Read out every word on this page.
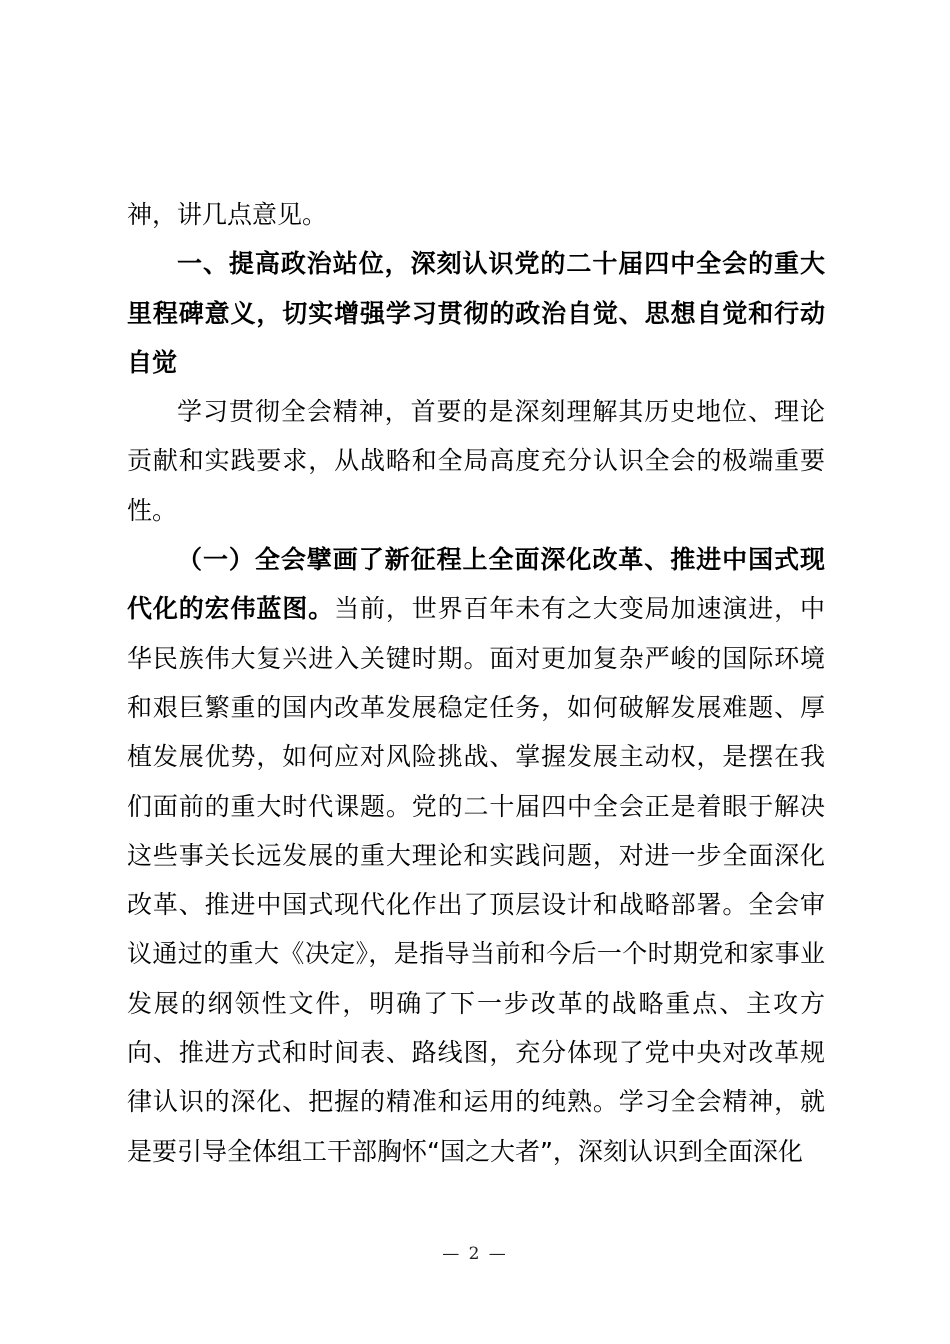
神，讲几点意见。

一、提高政治站位，深刻认识党的二十届四中全会的重大里程碑意义，切实增强学习贯彻的政治自觉、思想自觉和行动自觉

学习贯彻全会精神，首要的是深刻理解其历史地位、理论贡献和实践要求，从战略和全局高度充分认识全会的极端重要性。

（一）全会擘画了新征程上全面深化改革、推进中国式现代化的宏伟蓝图。当前，世界百年未有之大变局加速演进，中华民族伟大复兴进入关键时期。面对更加复杂严峻的国际环境和艰巨繁重的国内改革发展稳定任务，如何破解发展难题、厚植发展优势，如何应对风险挑战、掌握发展主动权，是摆在我们面前的重大时代课题。党的二十届四中全会正是着眼于解决这些事关长远发展的重大理论和实践问题，对进一步全面深化改革、推进中国式现代化作出了顶层设计和战略部署。全会审议通过的重大《决定》，是指导当前和今后一个时期党和家事业发展的纲领性文件，明确了下一步改革的战略重点、主攻方向、推进方式和时间表、路线图，充分体现了党中央对改革规律认识的深化、把握的精准和运用的纯熟。学习全会精神，就是要引导全体组工干部胸怀“国之大者”，深刻认识到全面深化

— 2 —
